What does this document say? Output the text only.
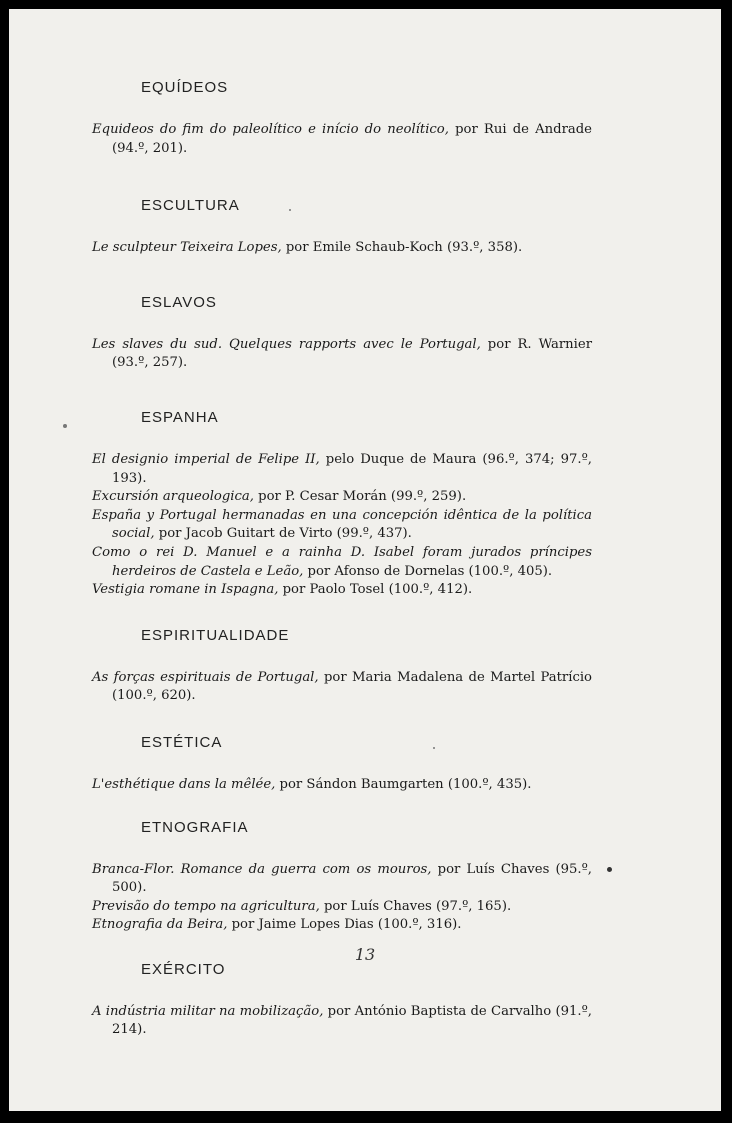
EQUÍDEOS
Equideos do fim do paleolítico e início do neolítico, por Rui de Andrade (94.º, 201).
ESCULTURA
Le sculpteur Teixeira Lopes, por Emile Schaub-Koch (93.º, 358).
ESLAVOS
Les slaves du sud. Quelques rapports avec le Portugal, por R. Warnier (93.º, 257).
ESPANHA
El designio imperial de Felipe II, pelo Duque de Maura (96.º, 374; 97.º, 193).
Excursión arqueologica, por P. Cesar Morán (99.º, 259).
España y Portugal hermanadas en una concepción idêntica de la política social, por Jacob Guitart de Virto (99.º, 437).
Como o rei D. Manuel e a rainha D. Isabel foram jurados príncipes herdeiros de Castela e Leão, por Afonso de Dornelas (100.º, 405).
Vestigia romane in Ispagna, por Paolo Tosel (100.º, 412).
ESPIRITUALIDADE
As forças espirituais de Portugal, por Maria Madalena de Martel Patrício (100.º, 620).
ESTÉTICA
L'esthétique dans la mêlée, por Sándon Baumgarten (100.º, 435).
ETNOGRAFIA
Branca-Flor. Romance da guerra com os mouros, por Luís Chaves (95.º, 500).
Previsão do tempo na agricultura, por Luís Chaves (97.º, 165).
Etnografia da Beira, por Jaime Lopes Dias (100.º, 316).
EXÉRCITO
A indústria militar na mobilização, por António Baptista de Carvalho (91.º, 214).
13
